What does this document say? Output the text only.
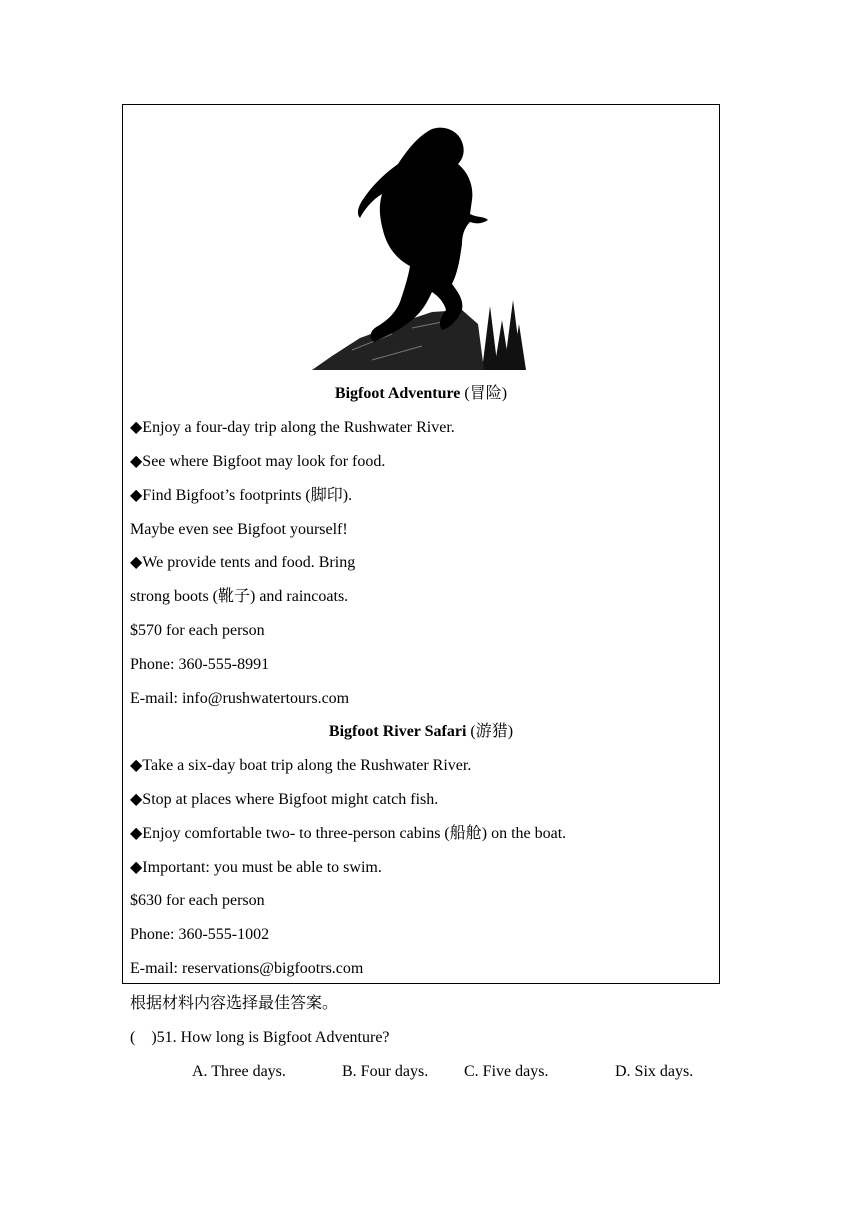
Bigfoot Adventure (冒险)
◆Enjoy a four-day trip along the Rushwater River.
◆See where Bigfoot may look for food.
◆Find Bigfoot’s footprints (脚印).
Maybe even see Bigfoot yourself!
◆We provide tents and food. Bring
strong boots (靴子) and raincoats.
$570 for each person
Phone: 360-555-8991
E-mail: info@rushwatertours.com
Bigfoot River Safari (游猎)
◆Take a six-day boat trip along the Rushwater River.
◆Stop at places where Bigfoot might catch fish.
◆Enjoy comfortable two- to three-person cabins (船舱) on the boat.
◆Important: you must be able to swim.
$630 for each person
Phone: 360-555-1002
E-mail: reservations@bigfootrs.com
根据材料内容选择最佳答案。
(    )51. How long is Bigfoot Adventure?
A. Three days.	B. Four days. C. Five days.	D. Six days.
